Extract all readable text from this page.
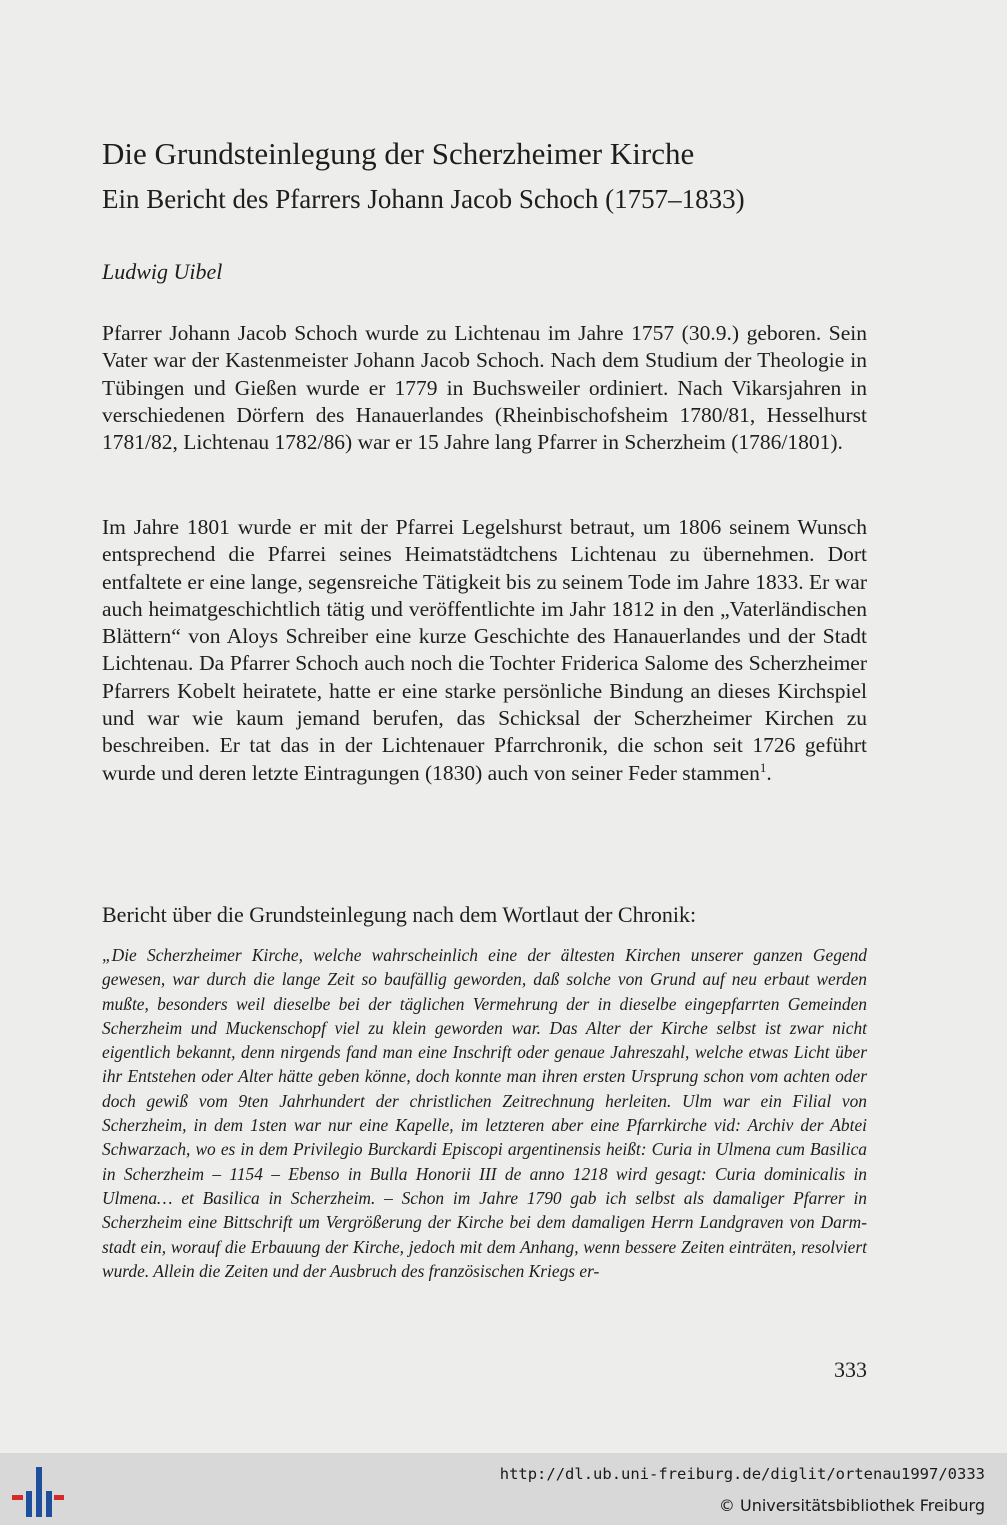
Die Grundsteinlegung der Scherzheimer Kirche
Ein Bericht des Pfarrers Johann Jacob Schoch (1757–1833)

Ludwig Uibel

Pfarrer Johann Jacob Schoch wurde zu Lichtenau im Jahre 1757 (30.9.) geboren. Sein Vater war der Kastenmeister Johann Jacob Schoch. Nach dem Studium der Theologie in Tübingen und Gießen wurde er 1779 in Buchsweiler ordiniert. Nach Vikarsjahren in verschiedenen Dörfern des Hanauerlandes (Rheinbischofsheim 1780/81, Hesselhurst 1781/82, Lichtenau 1782/86) war er 15 Jahre lang Pfarrer in Scherzheim (1786/1801).

Im Jahre 1801 wurde er mit der Pfarrei Legelshurst betraut, um 1806 seinem Wunsch entsprechend die Pfarrei seines Heimatstädtchens Lichtenau zu übernehmen. Dort entfaltete er eine lange, segensreiche Tätigkeit bis zu seinem Tode im Jahre 1833. Er war auch heimatgeschichtlich tätig und veröffentlichte im Jahr 1812 in den „Vaterländischen Blättern“ von Aloys Schreiber eine kurze Geschichte des Hanauerlandes und der Stadt Lichtenau. Da Pfarrer Schoch auch noch die Tochter Friderica Salome des Scherzheimer Pfarrers Kobelt heiratete, hatte er eine starke persönliche Bindung an dieses Kirchspiel und war wie kaum jemand berufen, das Schicksal der Scherzheimer Kirchen zu beschreiben. Er tat das in der Lichtenauer Pfarrchronik, die schon seit 1726 geführt wurde und deren letzte Eintragungen (1830) auch von seiner Feder stammen$^1$.

Bericht über die Grundsteinlegung nach dem Wortlaut der Chronik:

„Die Scherzheimer Kirche, welche wahrscheinlich eine der ältesten Kirchen unserer ganzen Gegend gewesen, war durch die lange Zeit so baufällig geworden, daß solche von Grund auf neu erbaut werden mußte, besonders weil dieselbe bei der täglichen Vermehrung der in dieselbe eingepfarrten Gemeinden Scherzheim und Muckenschopf viel zu klein geworden war. Das Alter der Kirche selbst ist zwar nicht eigentlich bekannt, denn nirgends fand man eine Inschrift oder genaue Jahreszahl, welche etwas Licht über ihr Entstehen oder Alter hätte geben könne, doch konnte man ihren ersten Ursprung schon vom achten oder doch gewiß vom 9ten Jahrhundert der christlichen Zeitrechnung herleiten. Ulm war ein Filial von Scherzheim, in dem 1sten war nur eine Kapelle, im letzteren aber eine Pfarrkirche vid: Archiv der Abtei Schwarzach, wo es in dem Privilegio Burckardi Episcopi argentinensis heißt: Curia in Ulmena cum Basilica in Scherzheim – 1154 – Ebenso in Bulla Honorii III de anno 1218 wird gesagt: Curia dominicalis in Ulmena… et Basilica in Scherzheim. – Schon im Jahre 1790 gab ich selbst als damaliger Pfarrer in Scherzheim eine Bittschrift um Vergrößerung der Kirche bei dem damaligen Herrn Landgraven von Darmstadt ein, worauf die Erbauung der Kirche, jedoch mit dem Anhang, wenn bessere Zeiten einträten, resolviert wurde. Allein die Zeiten und der Ausbruch des französischen Kriegs er-

333

http://dl.ub.uni-freiburg.de/diglit/ortenau1997/0333
© Universitätsbibliothek Freiburg
